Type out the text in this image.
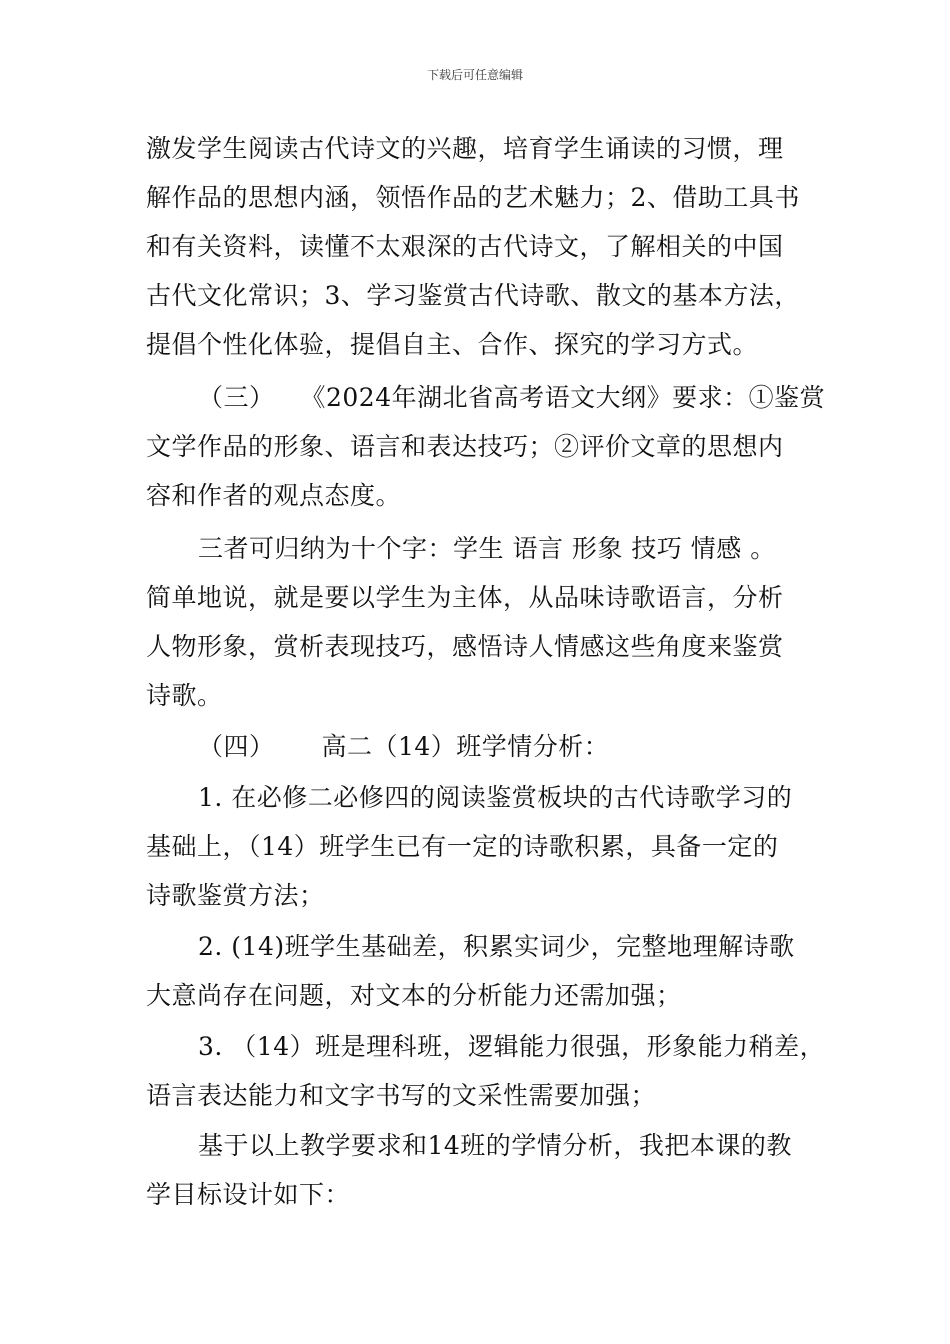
下载后可任意编辑
激发学生阅读古代诗文的兴趣，培育学生诵读的习惯，理
解作品的思想内涵，领悟作品的艺术魅力；2、借助工具书
和有关资料，读懂不太艰深的古代诗文，了解相关的中国
古代文化常识；3、学习鉴赏古代诗歌、散文的基本方法，
提倡个性化体验，提倡自主、合作、探究的学习方式。
（三）　　《2024年湖北省高考语文大纲》要求：①鉴赏
文学作品的形象、语言和表达技巧；②评价文章的思想内
容和作者的观点态度。
三者可归纳为十个字：学生 语言 形象 技巧 情感 。
简单地说，就是要以学生为主体，从品味诗歌语言，分析
人物形象，赏析表现技巧，感悟诗人情感这些角度来鉴赏
诗歌。
（四）　　 高二（14）班学情分析：
1. 在必修二必修四的阅读鉴赏板块的古代诗歌学习的
基础上，（14）班学生已有一定的诗歌积累，具备一定的
诗歌鉴赏方法；
2. (14)班学生基础差，积累实词少，完整地理解诗歌
大意尚存在问题，对文本的分析能力还需加强；
3. （14）班是理科班，逻辑能力很强，形象能力稍差，
语言表达能力和文字书写的文采性需要加强；
基于以上教学要求和14班的学情分析，我把本课的教
学目标设计如下：
